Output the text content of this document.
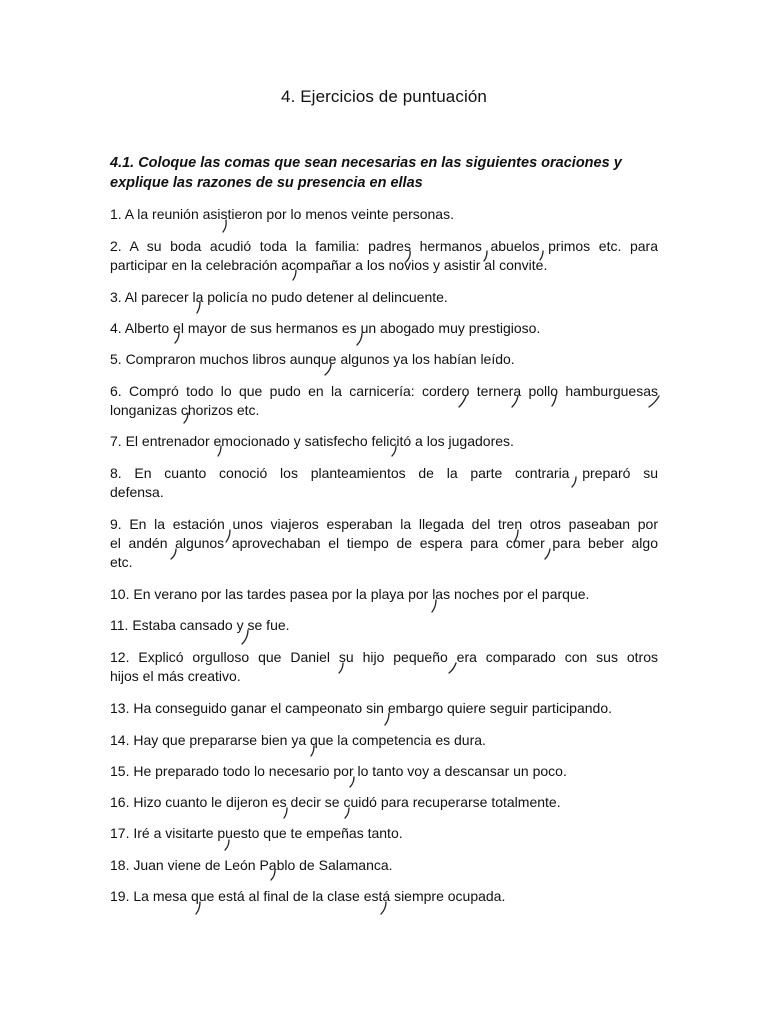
4. Ejercicios de puntuación
4.1. Coloque las comas que sean necesarias en las siguientes oraciones y
explique las razones de su presencia en ellas
1. A la reunión asistieron por lo menos veinte personas.
2. A su boda acudió toda la familia: padres hermanos abuelos primos etc. para
participar en la celebración acompañar a los novios y asistir al convite.
3. Al parecer la policía no pudo detener al delincuente.
4. Alberto el mayor de sus hermanos es un abogado muy prestigioso.
5. Compraron muchos libros aunque algunos ya los habían leído.
6. Compró todo lo que pudo en la carnicería: cordero ternera pollo hamburguesas
longanizas chorizos etc.
7. El entrenador emocionado y satisfecho felicitó a los jugadores.
8. En cuanto conoció los planteamientos de la parte contraria preparó su
defensa.
9. En la estación unos viajeros esperaban la llegada del tren otros paseaban por
el andén algunos aprovechaban el tiempo de espera para comer para beber algo
etc.
10. En verano por las tardes pasea por la playa por las noches por el parque.
11. Estaba cansado y se fue.
12. Explicó orgulloso que Daniel su hijo pequeño era comparado con sus otros
hijos el más creativo.
13. Ha conseguido ganar el campeonato sin embargo quiere seguir participando.
14. Hay que prepararse bien ya que la competencia es dura.
15. He preparado todo lo necesario por lo tanto voy a descansar un poco.
16. Hizo cuanto le dijeron es decir se cuidó para recuperarse totalmente.
17. Iré a visitarte puesto que te empeñas tanto.
18. Juan viene de León Pablo de Salamanca.
19. La mesa que está al final de la clase está siempre ocupada.
